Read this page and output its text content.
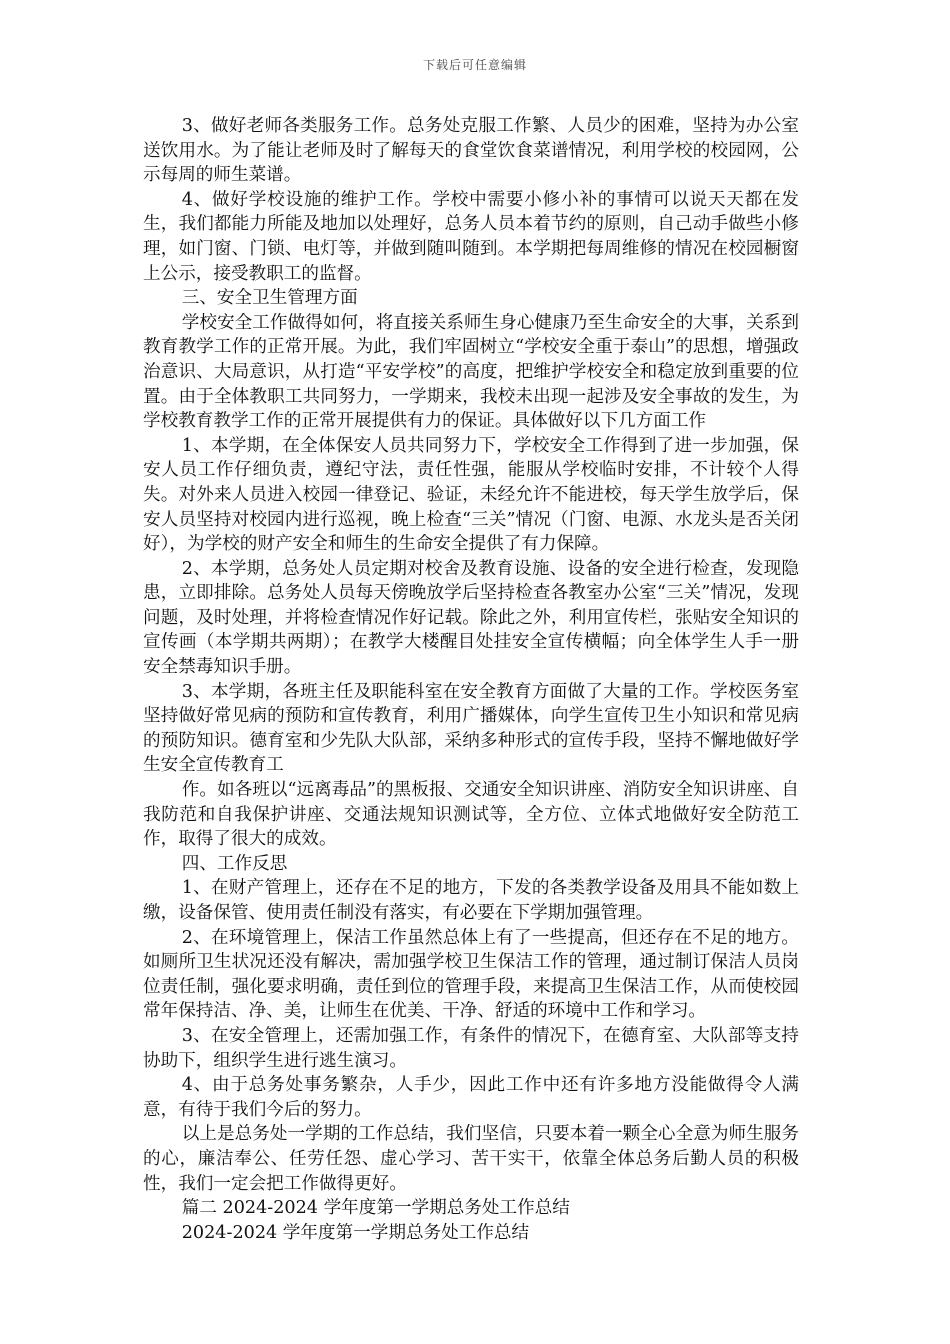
下载后可任意编辑

3、做好老师各类服务工作。总务处克服工作繁、人员少的困难，坚持为办公室送饮用水。为了能让老师及时了解每天的食堂饮食菜谱情况，利用学校的校园网，公示每周的师生菜谱。

4、做好学校设施的维护工作。学校中需要小修小补的事情可以说天天都在发生，我们都能力所能及地加以处理好，总务人员本着节约的原则，自己动手做些小修理，如门窗、门锁、电灯等，并做到随叫随到。本学期把每周维修的情况在校园橱窗上公示，接受教职工的监督。

三、安全卫生管理方面

学校安全工作做得如何，将直接关系师生身心健康乃至生命安全的大事，关系到教育教学工作的正常开展。为此，我们牢固树立“学校安全重于泰山”的思想，增强政治意识、大局意识，从打造“平安学校”的高度，把维护学校安全和稳定放到重要的位置。由于全体教职工共同努力，一学期来，我校未出现一起涉及安全事故的发生，为学校教育教学工作的正常开展提供有力的保证。具体做好以下几方面工作

1、本学期，在全体保安人员共同努力下，学校安全工作得到了进一步加强，保安人员工作仔细负责，遵纪守法，责任性强，能服从学校临时安排，不计较个人得失。对外来人员进入校园一律登记、验证，未经允许不能进校，每天学生放学后，保安人员坚持对校园内进行巡视，晚上检查“三关”情况（门窗、电源、水龙头是否关闭好），为学校的财产安全和师生的生命安全提供了有力保障。

2、本学期，总务处人员定期对校舍及教育设施、设备的安全进行检查，发现隐患，立即排除。总务处人员每天傍晚放学后坚持检查各教室办公室“三关”情况，发现问题，及时处理，并将检查情况作好记载。除此之外，利用宣传栏，张贴安全知识的宣传画（本学期共两期）；在教学大楼醒目处挂安全宣传横幅；向全体学生人手一册安全禁毒知识手册。

3、本学期，各班主任及职能科室在安全教育方面做了大量的工作。学校医务室坚持做好常见病的预防和宣传教育，利用广播媒体，向学生宣传卫生小知识和常见病的预防知识。德育室和少先队大队部，采纳多种形式的宣传手段，坚持不懈地做好学生安全宣传教育工

作。如各班以“远离毒品”的黑板报、交通安全知识讲座、消防安全知识讲座、自我防范和自我保护讲座、交通法规知识测试等，全方位、立体式地做好安全防范工作，取得了很大的成效。

四、工作反思

1、在财产管理上，还存在不足的地方，下发的各类教学设备及用具不能如数上缴，设备保管、使用责任制没有落实，有必要在下学期加强管理。

2、在环境管理上，保洁工作虽然总体上有了一些提高，但还存在不足的地方。如厕所卫生状况还没有解决，需加强学校卫生保洁工作的管理，通过制订保洁人员岗位责任制，强化要求明确，责任到位的管理手段，来提高卫生保洁工作，从而使校园常年保持洁、净、美，让师生在优美、干净、舒适的环境中工作和学习。

3、在安全管理上，还需加强工作，有条件的情况下，在德育室、大队部等支持协助下，组织学生进行逃生演习。

4、由于总务处事务繁杂，人手少，因此工作中还有许多地方没能做得令人满意，有待于我们今后的努力。

以上是总务处一学期的工作总结，我们坚信，只要本着一颗全心全意为师生服务的心，廉洁奉公、任劳任怨、虚心学习、苦干实干，依靠全体总务后勤人员的积极性，我们一定会把工作做得更好。

篇二 2024-2024 学年度第一学期总务处工作总结

2024-2024 学年度第一学期总务处工作总结
